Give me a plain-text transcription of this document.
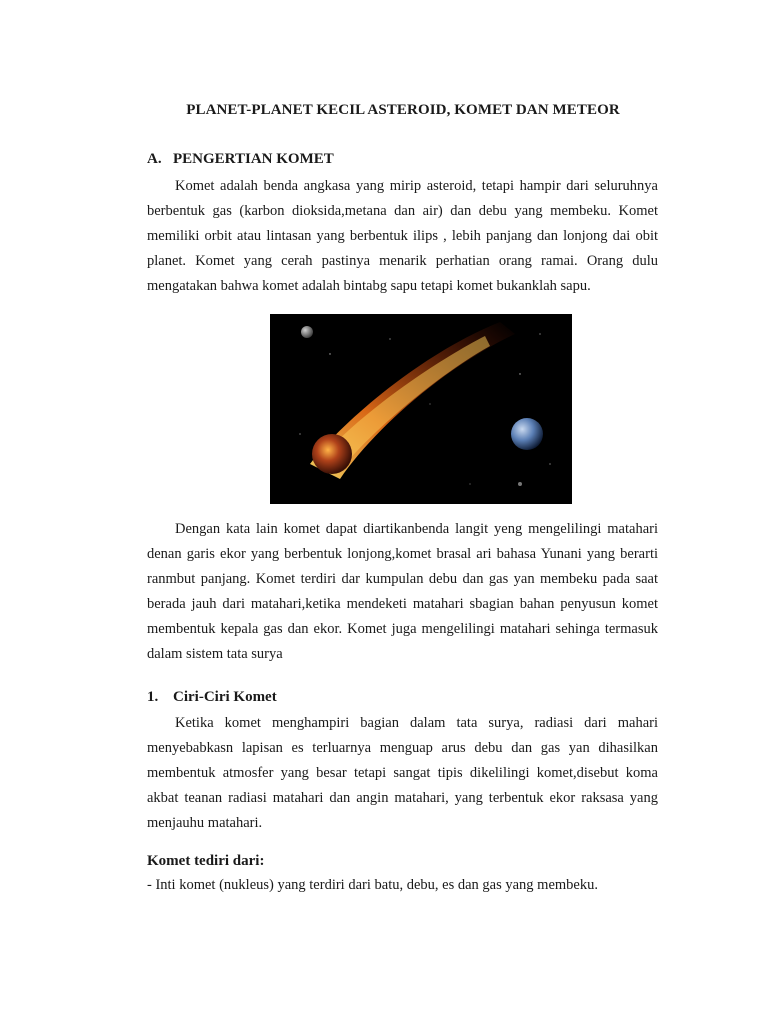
PLANET-PLANET KECIL ASTEROID, KOMET DAN METEOR
A. PENGERTIAN KOMET

Komet adalah benda angkasa yang mirip asteroid, tetapi hampir dari seluruhnya berbentuk gas (karbon dioksida,metana dan air) dan debu yang membeku. Komet memiliki orbit atau lintasan yang berbentuk ilips , lebih panjang dan lonjong dai obit planet. Komet yang cerah pastinya menarik perhatian orang ramai. Orang dulu mengatakan bahwa komet adalah bintabg sapu tetapi komet bukanklah sapu.

Dengan kata lain komet dapat diartikanbenda langit yeng mengelilingi matahari denan garis ekor yang berbentuk lonjong,komet brasal ari bahasa Yunani yang berarti ranmbut panjang. Komet terdiri dar kumpulan debu dan gas yan membeku pada saat berada jauh dari matahari,ketika mendeketi matahari sbagian bahan penyusun komet membentuk kepala gas dan ekor. Komet juga mengelilingi matahari sehinga termasuk dalam sistem tata surya

1. Ciri-Ciri Komet

Ketika komet menghampiri bagian dalam tata surya, radiasi dari mahari menyebabkasn lapisan es terluarnya menguap arus debu dan gas yan dihasilkan membentuk atmosfer yang besar tetapi sangat tipis dikelilingi komet,disebut koma akbat teanan radiasi matahari dan angin matahari, yang terbentuk ekor raksasa yang menjauhu matahari.

Komet tediri dari:
- Inti komet (nukleus) yang terdiri dari batu, debu, es dan gas yang membeku.
